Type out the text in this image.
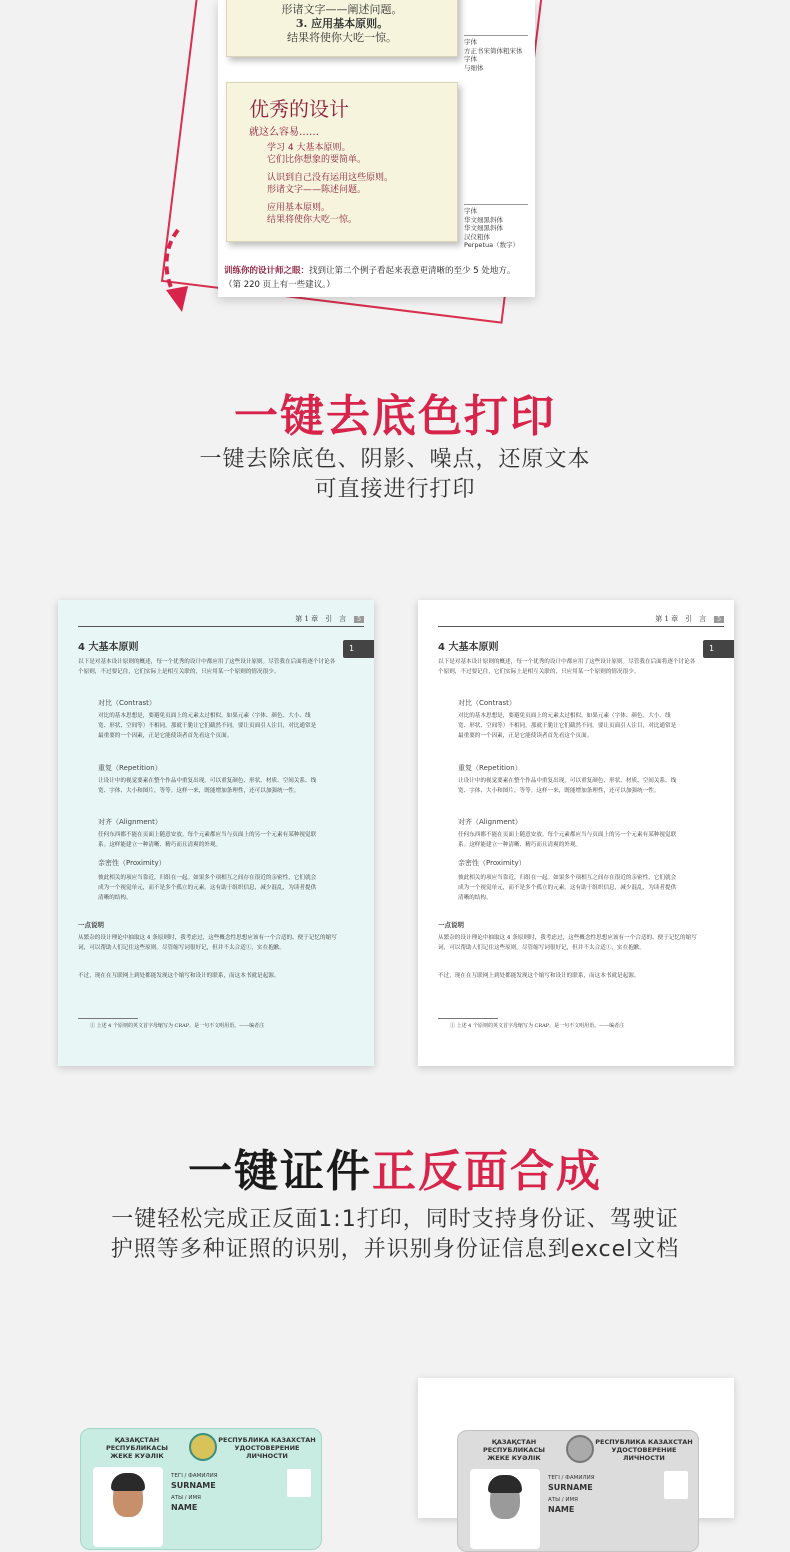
形诸文字——阐述问题。

3. 应用基本原则。

结果将使你大吃一惊。	字体
方正书宋简体粗宋体字体
与细体
优秀的设计
就这么容易……
学习 4 大基本原则。
它们比你想象的要简单。
认识到自己没有运用这些原则。
形诸文字——陈述问题。
应用基本原则。
结果将使你大吃一惊。
字体
华文细黑斜体
华文细黑斜体
汉仪粗体
Perpetua（数字）
训练你的设计师之眼：找到让第二个例子看起来表意更清晰的至少 5 处地方。（第 220 页上有一些建议。）
一键去底色打印
一键去除底色、阴影、噪点，还原文本
可直接进行打印
第 1 章　引　言 5
1
4 大基本原则
以下是对基本设计原则的概述，每一个优秀的设计中都应用了这些设计原则。尽管我在后面将逐个讨论各个原则，不过要记住，它们实际上是相互关联的，只应用某一个原则的情况很少。
对比（Contrast）
对比的基本思想是，要避免页面上的元素太过相似。如果元素（字体、颜色、大小、线宽、形状、空间等）不相同，那就干脆让它们截然不同。要让页面引人注目，对比通常是最重要的一个因素，正是它能使读者首先看这个页面。
重复（Repetition）
让设计中的视觉要素在整个作品中重复出现。可以重复颜色、形状、材质、空间关系、线宽、字体、大小和图片，等等。这样一来，既能增加条理性，还可以加强统一性。
对齐（Alignment）
任何东西都不能在页面上随意安放。每个元素都应当与页面上的另一个元素有某种视觉联系。这样能建立一种清晰、精巧而且清爽的外观。
亲密性（Proximity）
彼此相关的项应当靠近，归组在一起。如果多个项相互之间存在很近的亲密性，它们就会成为一个视觉单元，而不是多个孤立的元素。这有助于组织信息，减少混乱，为读者提供清晰的结构。
一点说明
从繁杂的设计理论中抽取这 4 条原则时，我考虑过，这些概念性思想应该有一个合适的、便于记忆的缩写词，可以帮助人们记住这些原则。尽管缩写词很好记，但并不太合适①，实在抱歉。
不过，现在在互联网上到处都能发现这个缩写和设计的联系，而这本书就是起源。
① 上述 4 个原则的英文首字母缩写为 CRAP，是一句不文明用语。——编者注
第 1 章　引　言 5
1
4 大基本原则
以下是对基本设计原则的概述，每一个优秀的设计中都应用了这些设计原则。尽管我在后面将逐个讨论各个原则，不过要记住，它们实际上是相互关联的，只应用某一个原则的情况很少。
对比（Contrast）
对比的基本思想是，要避免页面上的元素太过相似。如果元素（字体、颜色、大小、线宽、形状、空间等）不相同，那就干脆让它们截然不同。要让页面引人注目，对比通常是最重要的一个因素，正是它能使读者首先看这个页面。
重复（Repetition）
让设计中的视觉要素在整个作品中重复出现。可以重复颜色、形状、材质、空间关系、线宽、字体、大小和图片，等等。这样一来，既能增加条理性，还可以加强统一性。
对齐（Alignment）
任何东西都不能在页面上随意安放。每个元素都应当与页面上的另一个元素有某种视觉联系。这样能建立一种清晰、精巧而且清爽的外观。
亲密性（Proximity）
彼此相关的项应当靠近，归组在一起。如果多个项相互之间存在很近的亲密性，它们就会成为一个视觉单元，而不是多个孤立的元素。这有助于组织信息，减少混乱，为读者提供清晰的结构。
一点说明
从繁杂的设计理论中抽取这 4 条原则时，我考虑过，这些概念性思想应该有一个合适的、便于记忆的缩写词，可以帮助人们记住这些原则。尽管缩写词很好记，但并不太合适①，实在抱歉。
不过，现在在互联网上到处都能发现这个缩写和设计的联系，而这本书就是起源。
① 上述 4 个原则的英文首字母缩写为 CRAP，是一句不文明用语。——编者注
一键证件正反面合成
一键轻松完成正反面1:1打印，同时支持身份证、驾驶证
护照等多种证照的识别，并识别身份证信息到excel文档
ҚАЗАҚСТАН РЕСПУБЛИКАСЫ
ЖЕКЕ КУӘЛІК
РЕСПУБЛИКА КАЗАХСТАН
УДОСТОВЕРЕНИЕ ЛИЧНОСТИ
ТЕГІ / ФАМИЛИЯ
SURNAME
АТЫ / ИМЯ
NAME
ҚАЗАҚСТАН РЕСПУБЛИКАСЫ
ЖЕКЕ КУӘЛІК
РЕСПУБЛИКА КАЗАХСТАН
УДОСТОВЕРЕНИЕ ЛИЧНОСТИ
ТЕГІ / ФАМИЛИЯ
SURNAME
АТЫ / ИМЯ
NAME
